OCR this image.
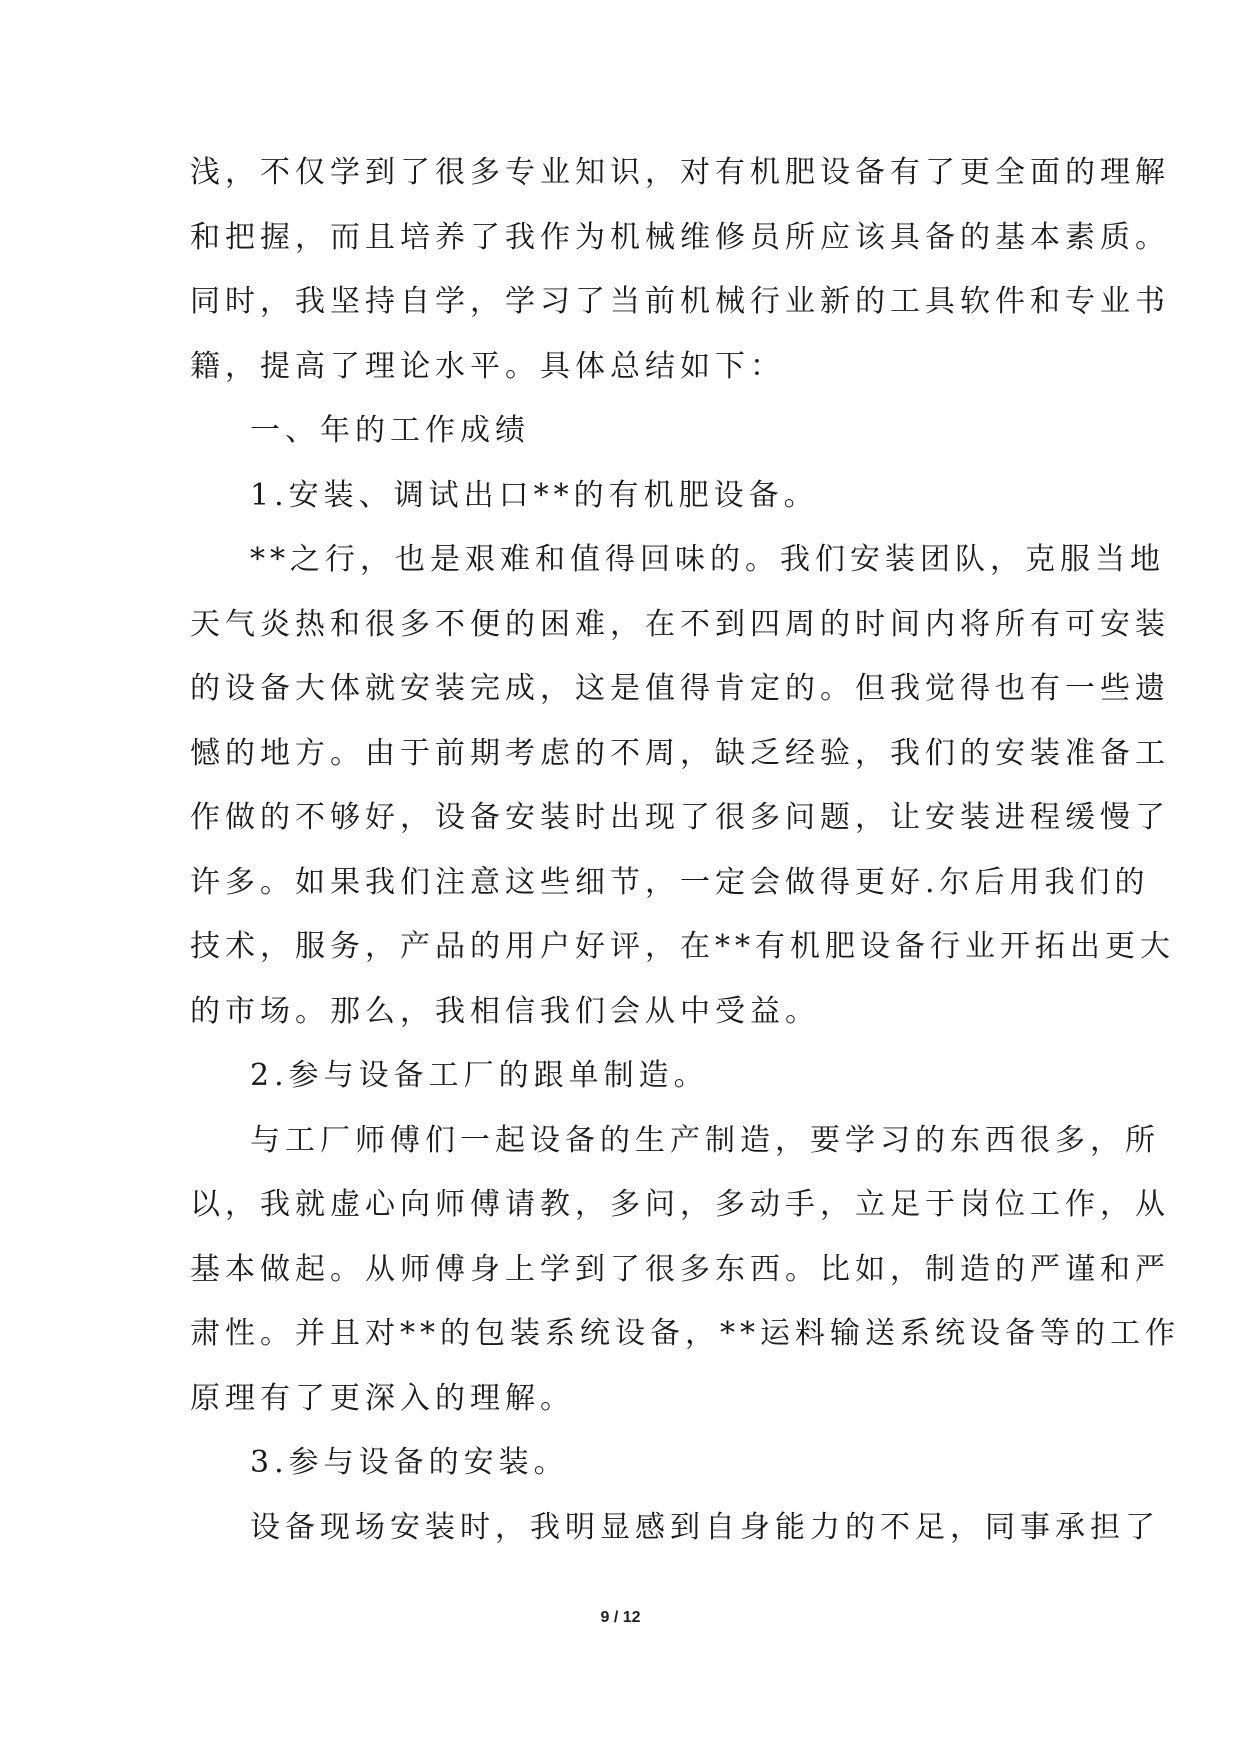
浅，不仅学到了很多专业知识，对有机肥设备有了更全面的理解
和把握，而且培养了我作为机械维修员所应该具备的基本素质。
同时，我坚持自学，学习了当前机械行业新的工具软件和专业书
籍，提高了理论水平。具体总结如下：
一、年的工作成绩
1.安装、调试出口**的有机肥设备。
**之行，也是艰难和值得回味的。我们安装团队，克服当地
天气炎热和很多不便的困难，在不到四周的时间内将所有可安装
的设备大体就安装完成，这是值得肯定的。但我觉得也有一些遗
憾的地方。由于前期考虑的不周，缺乏经验，我们的安装准备工
作做的不够好，设备安装时出现了很多问题，让安装进程缓慢了
许多。如果我们注意这些细节，一定会做得更好.尔后用我们的
技术，服务，产品的用户好评，在**有机肥设备行业开拓出更大
的市场。那么，我相信我们会从中受益。
2.参与设备工厂的跟单制造。
与工厂师傅们一起设备的生产制造，要学习的东西很多，所
以，我就虚心向师傅请教，多问，多动手，立足于岗位工作，从
基本做起。从师傅身上学到了很多东西。比如，制造的严谨和严
肃性。并且对**的包装系统设备，**运料输送系统设备等的工作
原理有了更深入的理解。
3.参与设备的安装。
设备现场安装时，我明显感到自身能力的不足，同事承担了
9 / 12
